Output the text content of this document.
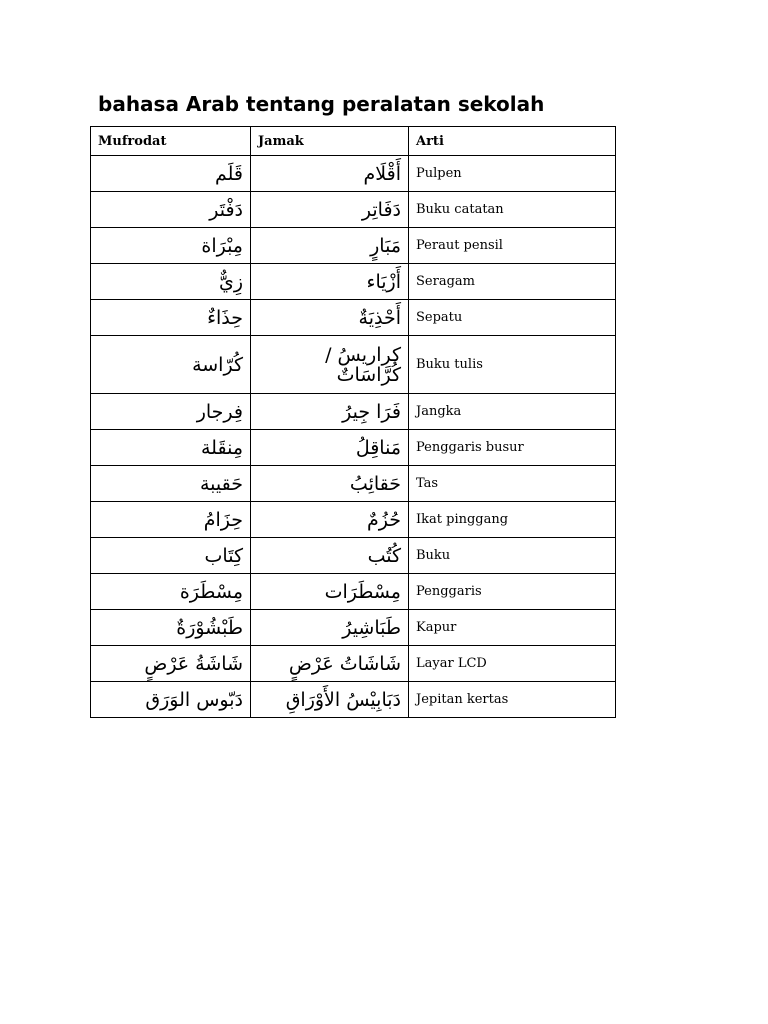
bahasa Arab tentang peralatan sekolah
Mufrodat	Jamak	Arti
قَلَم	أَقْلَام	Pulpen
دَفْتَر	دَفَاتِر	Buku catatan
مِبْرَاة	مَبَارٍ	Peraut pensil
زِيٌّ	أَزْيَاء	Seragam
حِذَاءٌ	أَحْذِيَةٌ	Sepatu
كُرّاسة	كراريسُ / كُرَّاسَاتٌ	Buku tulis
فِرجار	فَرَا جِيرُ	Jangka
مِنقَلة	مَناقِلُ	Penggaris busur
حَقيبة	حَقائِبُ	Tas
حِزَامُ	حُزُمٌ	Ikat pinggang
كِتَاب	كُتُب	Buku
مِسْطَرَة	مِسْطَرَات	Penggaris
طَبْشُوْرَةٌ	طَبَاشِيرُ	Kapur
شَاشَةُ عَرْضٍ	شَاشَاتُ عَرْضٍ	Layar LCD
دَبّوس الوَرَق	دَبَابِيْسُ الأَوْرَاقِ	Jepitan kertas
